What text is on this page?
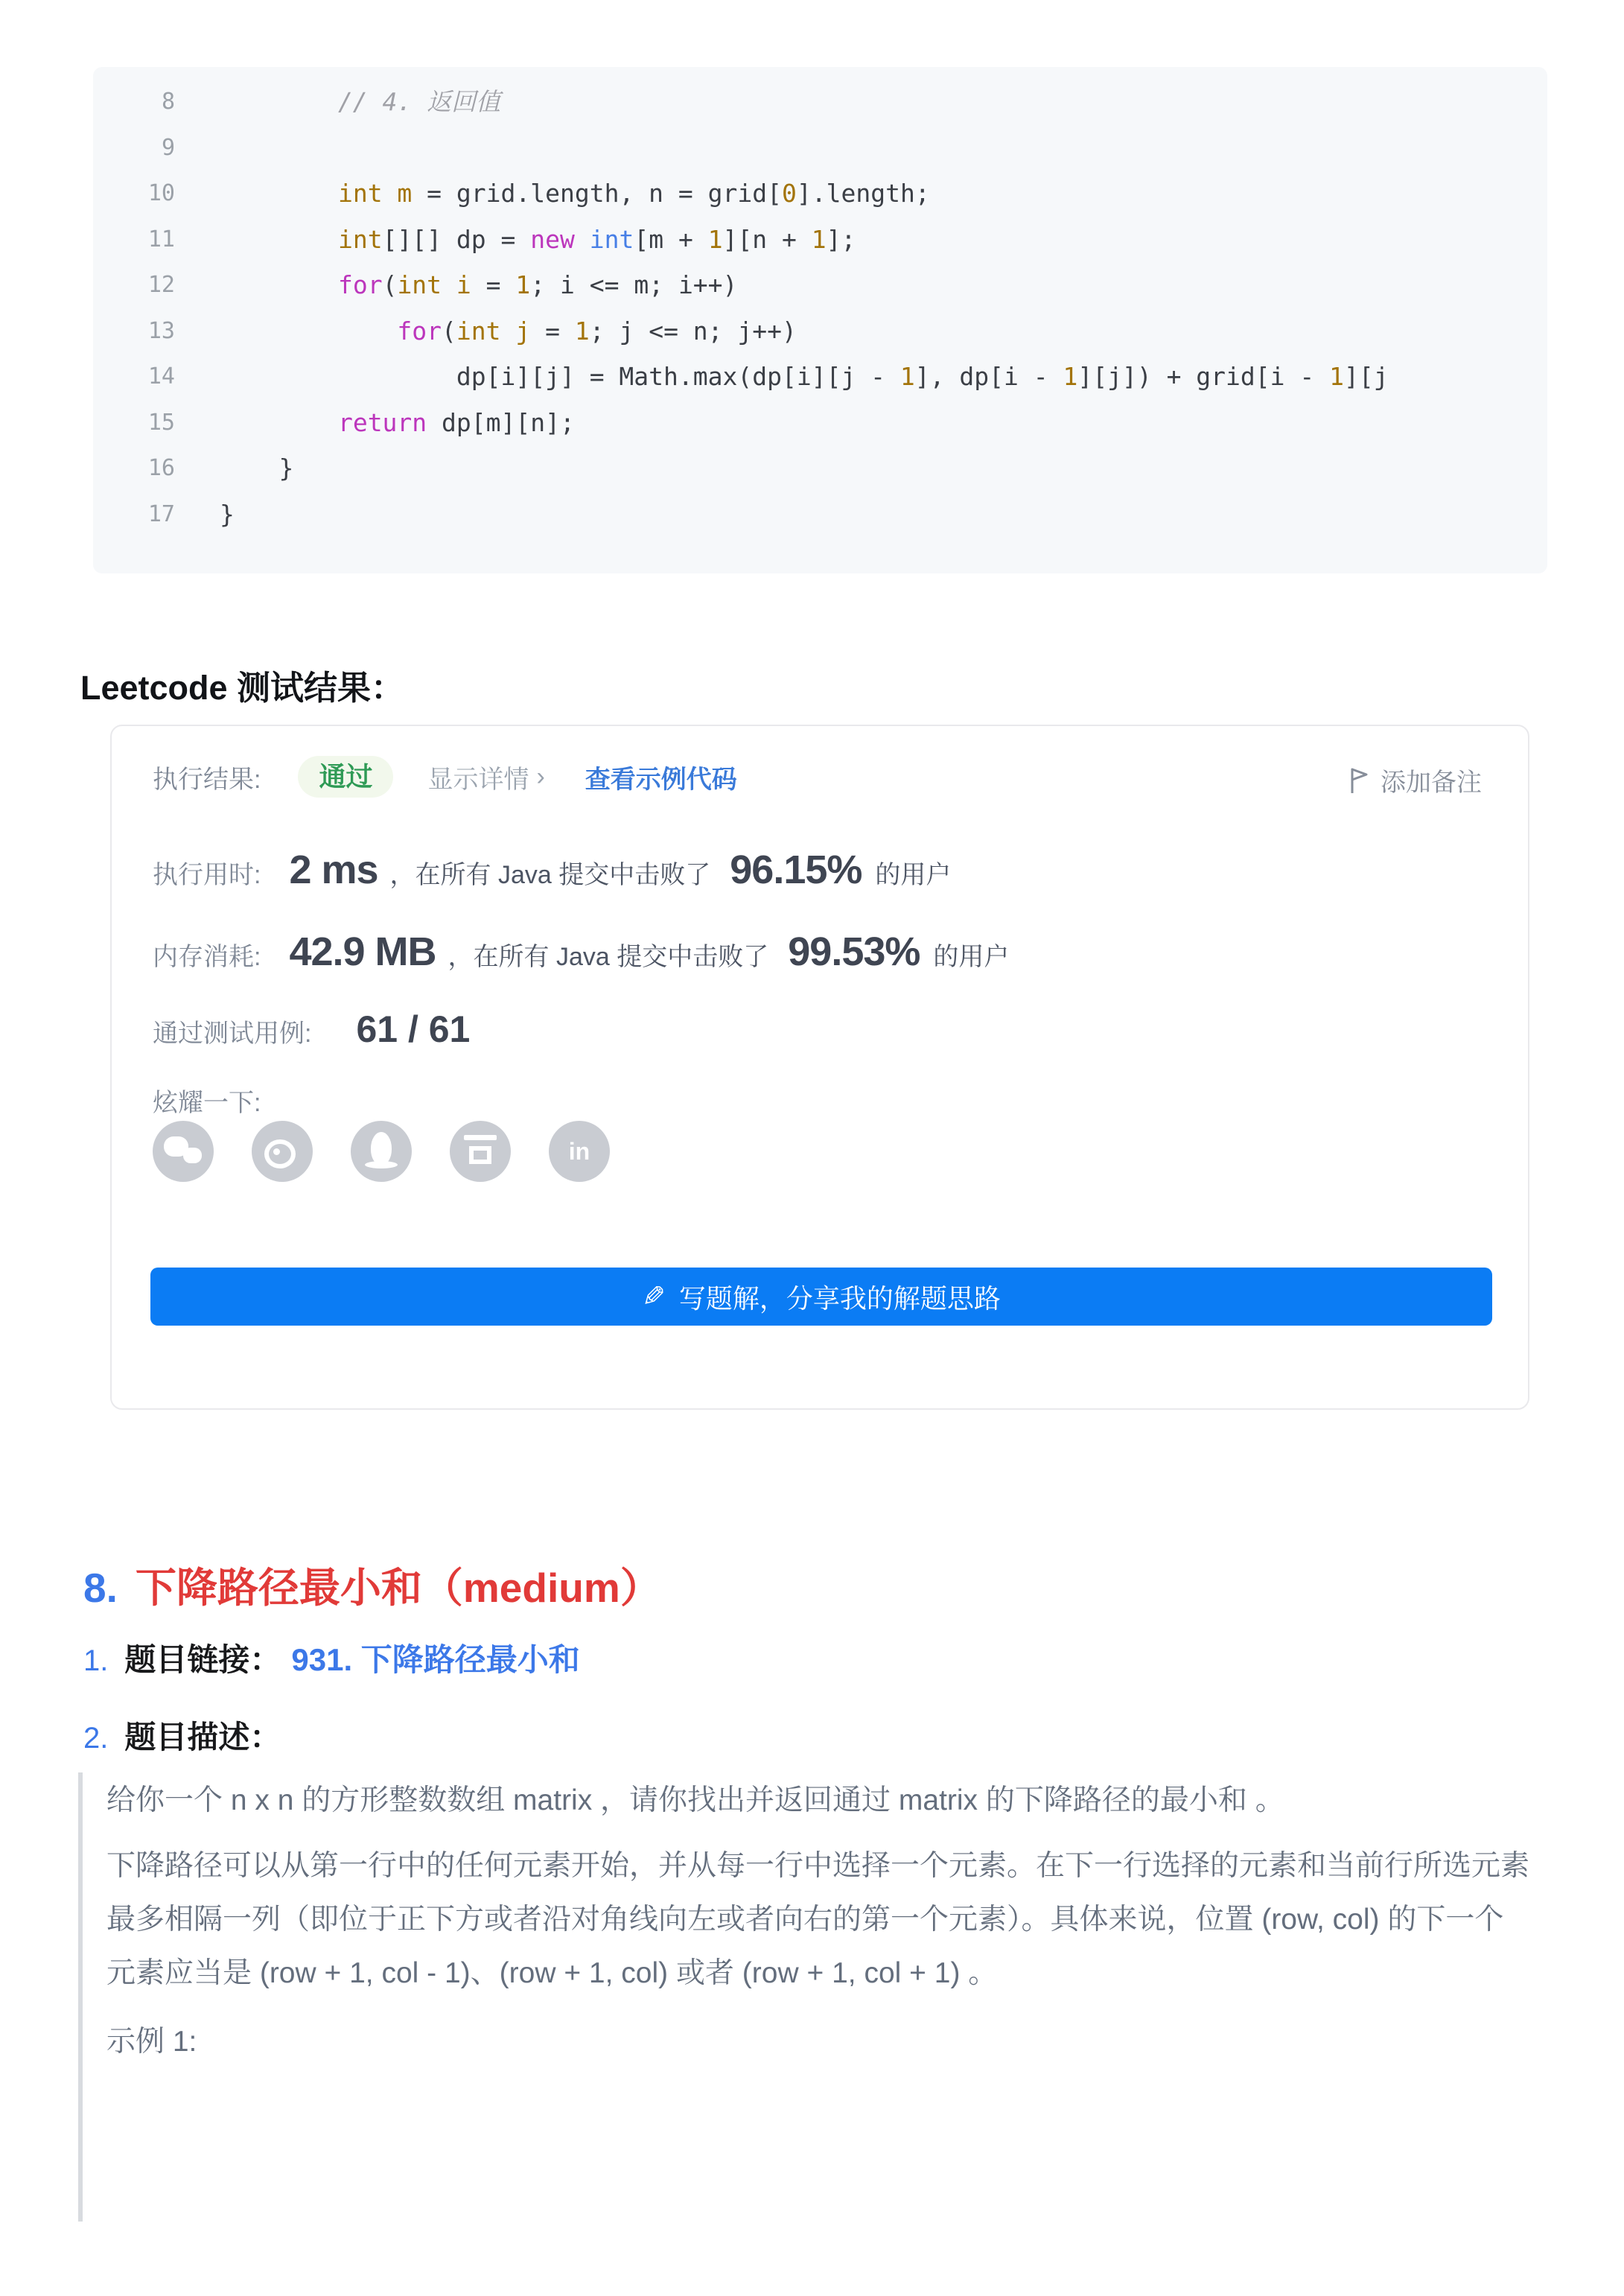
8 // 4. 返回值
9
10	int m = grid.length, n = grid[0].length;
11	int[][] dp = new int[m + 1][n + 1];
12	for(int i = 1; i <= m; i++)
13	for(int j = 1; j <= n; j++)
14 dp[i][j] = Math.max(dp[i][j - 1], dp[i - 1][j]) + grid[i - 1][j
15	return dp[m][n];
16 }
17 }
Leetcode 测试结果：
执行结果:	通过	显示详情 › 查看示例代码	添加备注
执行用时: 2 ms ，在所有 Java 提交中击败了 96.15% 的用户
内存消耗: 42.9 MB ，在所有 Java 提交中击败了 99.53% 的用户
通过测试用例: 61 / 61
炫耀一下:
in
✎ 写题解，分享我的解题思路
8. 下降路径最小和（medium）
1. 题目链接： 931. 下降路径最小和
2. 题目描述：

给你一个 n x n 的方形整数数组 matrix ，请你找出并返回通过 matrix 的下降路径的最小和 。

下降路径可以从第一行中的任何元素开始，并从每一行中选择一个元素。在下一行选择的元素和当前行所选元素最多相隔一列（即位于正下方或者沿对角线向左或者向右的第一个元素）。具体来说，位置 (row, col) 的下一个元素应当是 (row + 1, col - 1)、(row + 1, col) 或者 (row + 1, col + 1) 。

示例 1:
